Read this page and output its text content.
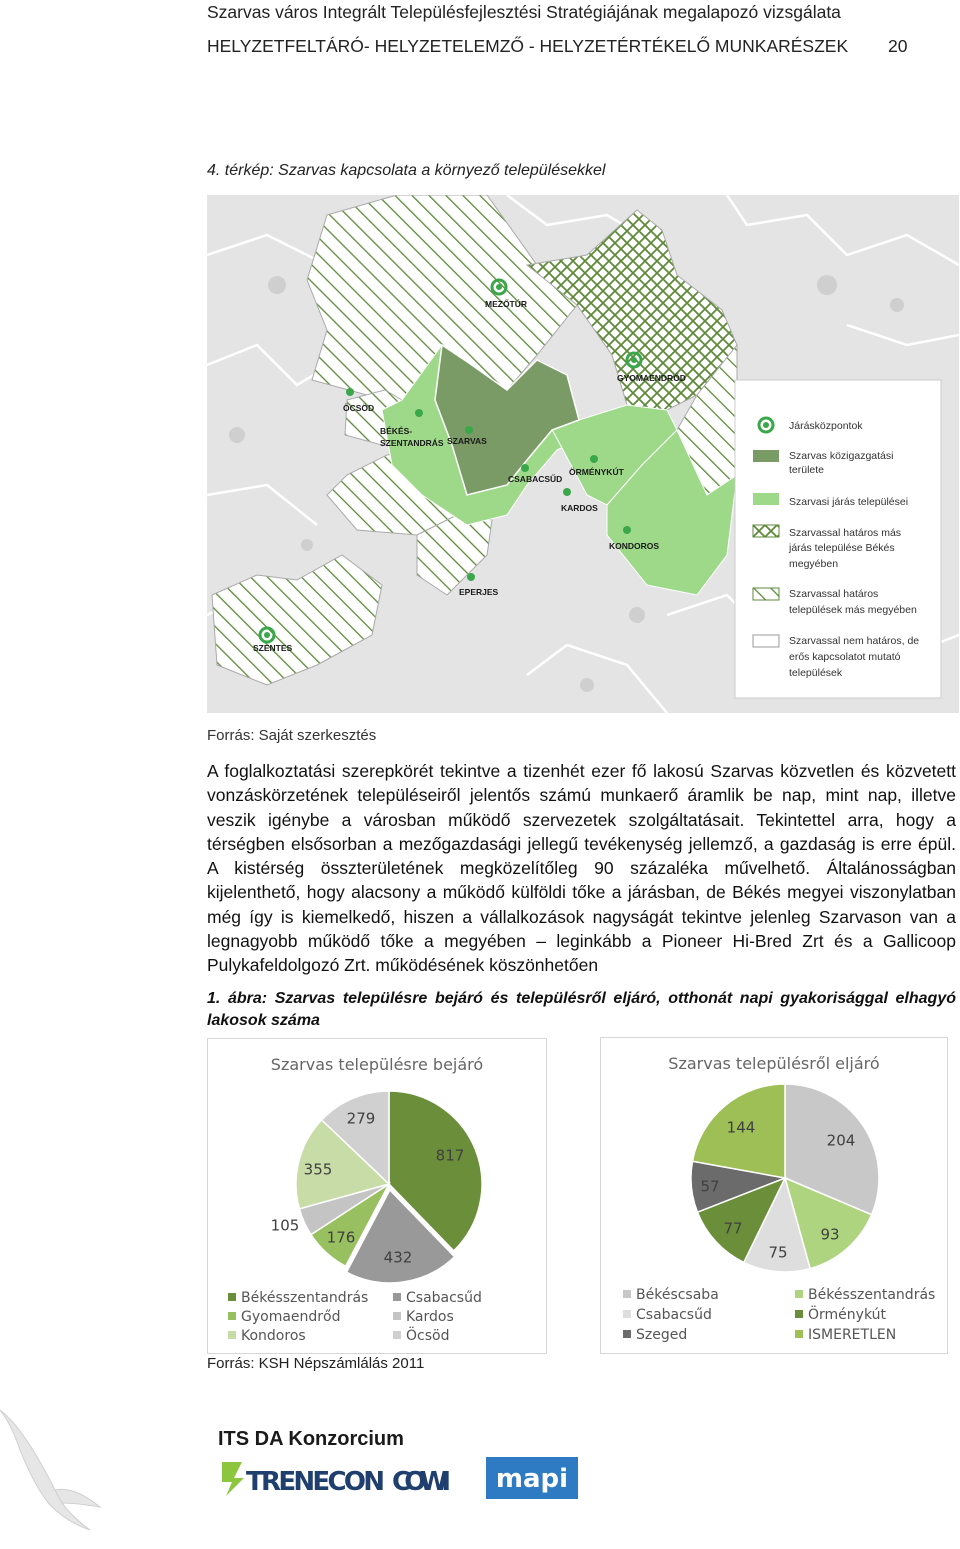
Szarvas város Integrált Településfejlesztési Stratégiájának megalapozó vizsgálata
HELYZETFELTÁRÓ- HELYZETELEMZŐ - HELYZETÉRTÉKELŐ MUNKARÉSZEK 20
4. térkép: Szarvas kapcsolata a környező településekkel
MEZŐTÚR
GYOMAENDRŐD
ÖCSÖD
BÉKÉS-
SZENTANDRÁS SZARVAS
ÖRMÉNYKÚT
CSABACSŰD
KARDOS
KONDOROS
EPERJES
SZENTES
Járásközpontok
Szarvas közigazgatási
területe
Szarvasi járás települései
Szarvassal határos más
járás települése Békés
megyében
Szarvassal határos
települések más megyében
Szarvassal nem határos, de
erős kapcsolatot mutató
települések
Forrás: Saját szerkesztés
A foglalkoztatási szerepkörét tekintve a tizenhét ezer fő lakosú Szarvas közvetlen és közvetett vonzáskörzetének településeiről jelentős számú munkaerő áramlik be nap, mint nap, illetve veszik igénybe a városban működő szervezetek szolgáltatásait. Tekintettel arra, hogy a térségben elsősorban a mezőgazdasági jellegű tevékenység jellemző, a gazdaság is erre épül. A kistérség összterületének megközelítőleg 90 százaléka művelhető. Általánosságban kijelenthető, hogy alacsony a működő külföldi tőke a járásban, de Békés megyei viszonylatban még így is kiemelkedő, hiszen a vállalkozások nagyságát tekintve jelenleg Szarvason van a legnagyobb működő tőke a megyében – leginkább a Pioneer Hi-Bred Zrt és a Gallicoop Pulykafeldolgozó Zrt. működésének köszönhetően
1. ábra: Szarvas településre bejáró és településről eljáró, otthonát napi gyakorisággal elhagyó lakosok száma
Szarvas településre bejáró
817
432
176
105
355
279
Békésszentandrás	Csabacsűd
Gyomaendrőd	Kardos
Kondoros	Öcsöd
Szarvas településről eljáró
204
93
75
77
57
144
Békéscsaba	Békésszentandrás
Csabacsűd	Örménykút
Szeged	ISMERETLEN
Forrás: KSH Népszámlálás 2011
ITS DA Konzorcium
TRENECON COWI mapi
